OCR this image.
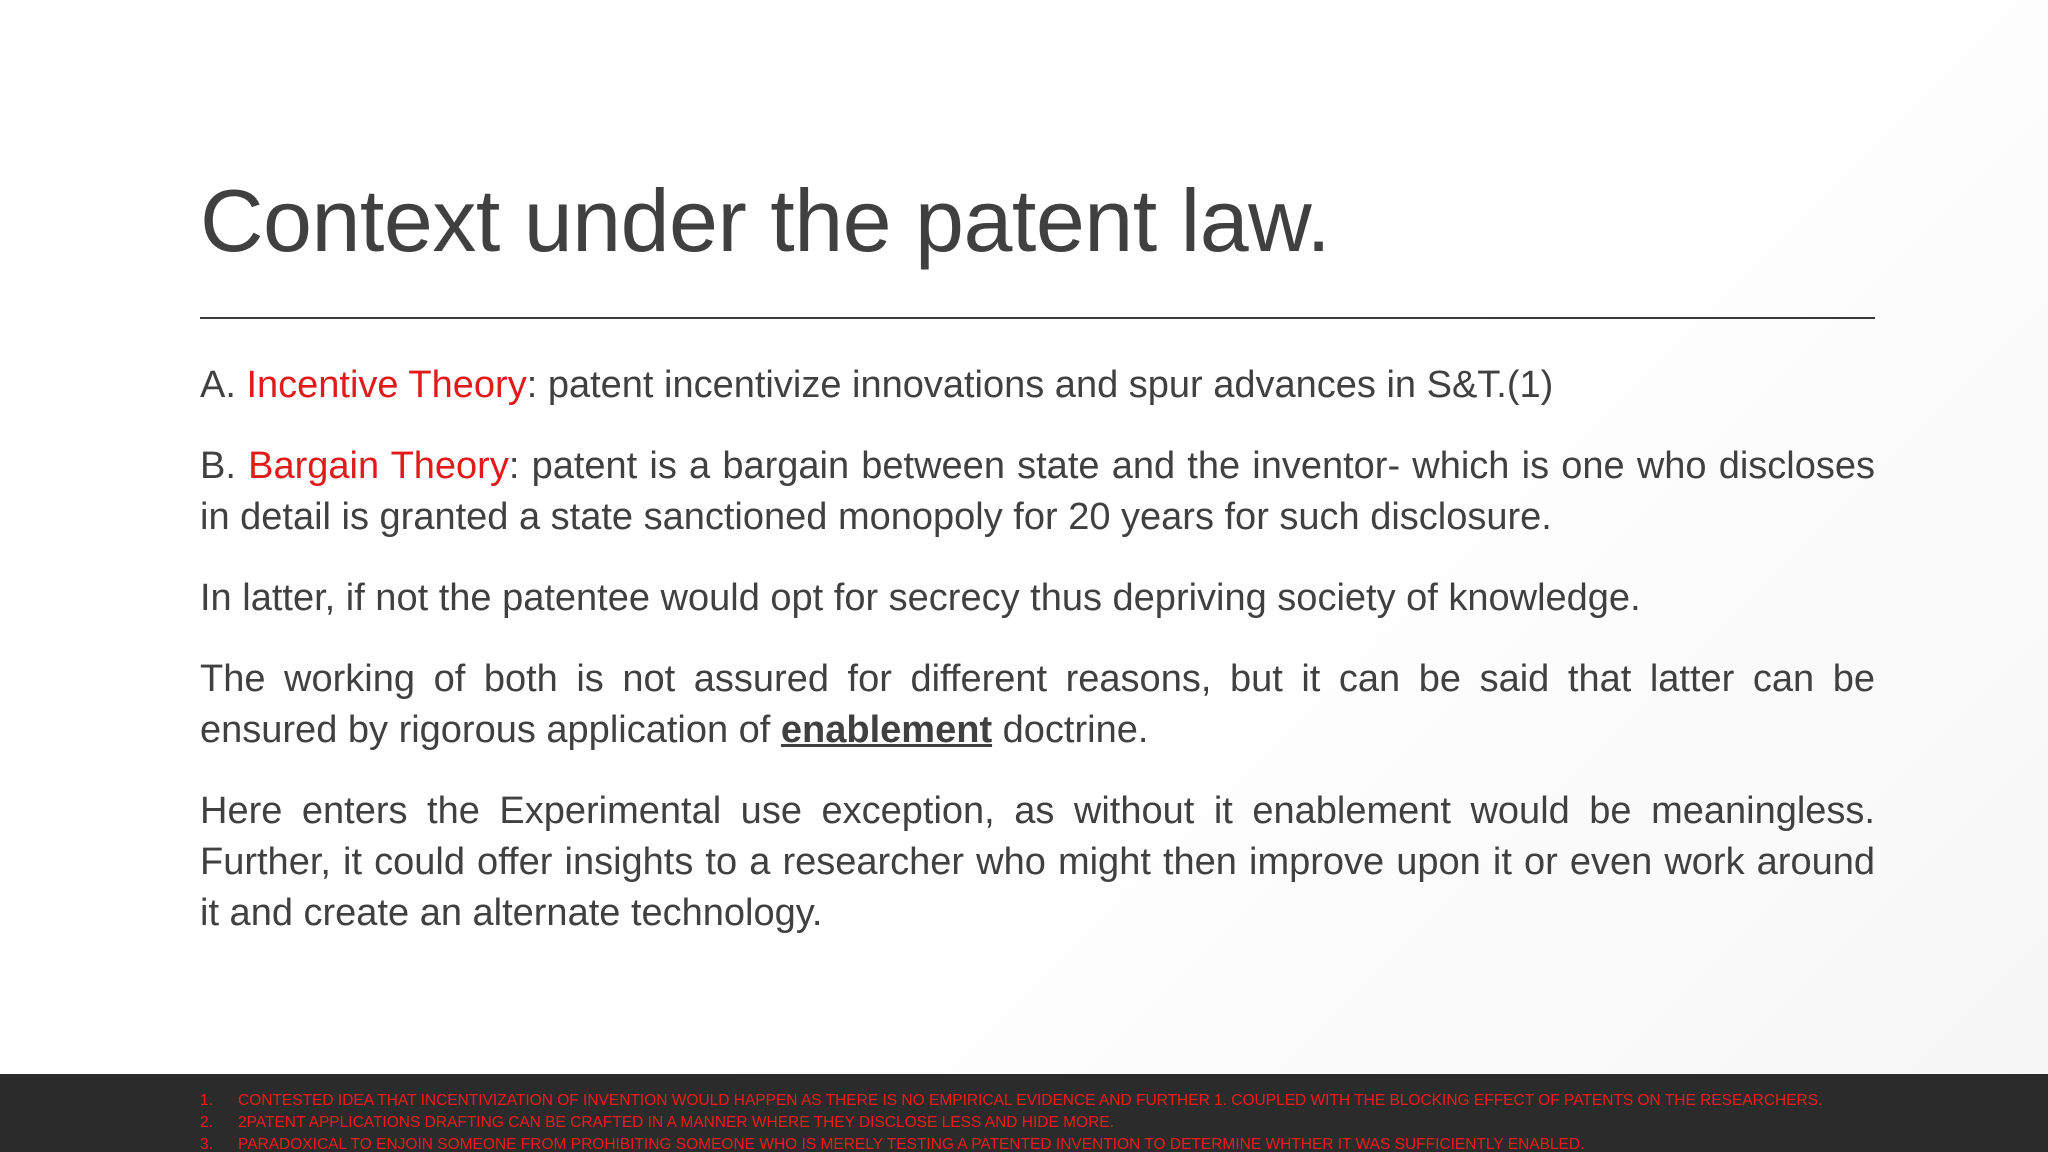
Context under the patent law.

A. Incentive Theory: patent incentivize innovations and spur advances in S&T.(1)

B. Bargain Theory: patent is a bargain between state and the inventor- which is one who discloses in detail is granted a state sanctioned monopoly for 20 years for such disclosure.

In latter, if not the patentee would opt for secrecy thus depriving society of knowledge.

The working of both is not assured for different reasons, but it can be said that latter can be ensured by rigorous application of enablement doctrine.

Here enters the Experimental use exception, as without it enablement would be meaningless. Further, it could offer insights to a researcher who might then improve upon it or even work around it and create an alternate technology.

1.	CONTESTED IDEA THAT INCENTIVIZATION OF INVENTION WOULD HAPPEN AS THERE IS NO EMPIRICAL EVIDENCE AND FURTHER 1. COUPLED WITH THE BLOCKING EFFECT OF PATENTS ON THE RESEARCHERS.
2.	2PATENT APPLICATIONS DRAFTING CAN BE CRAFTED IN A MANNER WHERE THEY DISCLOSE LESS AND HIDE MORE.
3.	PARADOXICAL TO ENJOIN SOMEONE FROM PROHIBITING SOMEONE WHO IS MERELY TESTING A PATENTED INVENTION TO DETERMINE WHTHER IT WAS SUFFICIENTLY ENABLED.
